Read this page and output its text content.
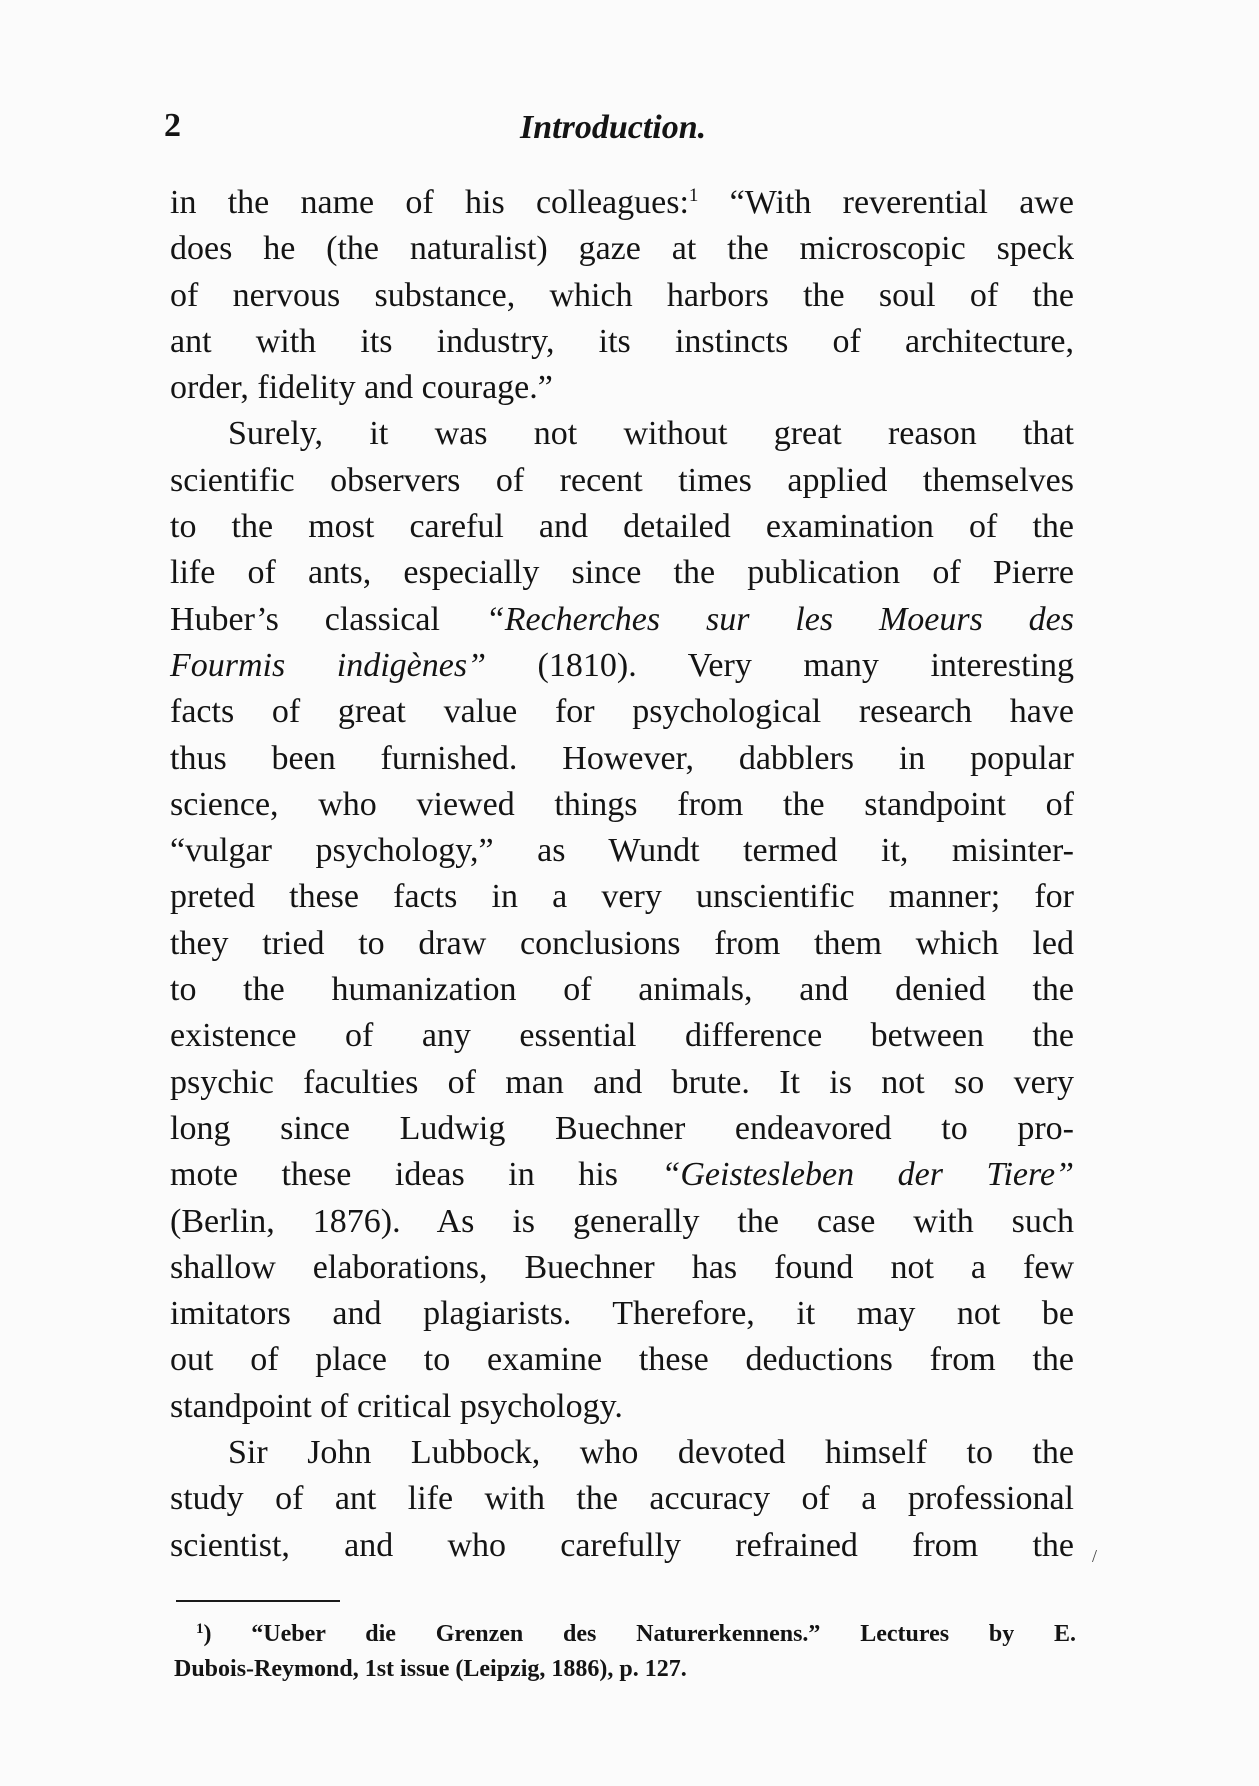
2	Introduction.
in the name of his colleagues:$^1$ “With reverential awe
does he (the naturalist) gaze at the microscopic speck
of nervous substance, which harbors the soul of the
ant with its industry, its instincts of architecture,
order, fidelity and courage.”
Surely, it was not without great reason that
scientific observers of recent times applied themselves
to the most careful and detailed examination of the
life of ants, especially since the publication of Pierre
Huber’s classical “Recherches sur les Moeurs des
Fourmis indigènes” (1810). Very many interesting
facts of great value for psychological research have
thus been furnished. However, dabblers in popular
science, who viewed things from the standpoint of
“vulgar psychology,” as Wundt termed it, misinter-
preted these facts in a very unscientific manner; for
they tried to draw conclusions from them which led
to the humanization of animals, and denied the
existence of any essential difference between the
psychic faculties of man and brute. It is not so very
long since Ludwig Buechner endeavored to pro-
mote these ideas in his “Geistesleben der Tiere”
(Berlin, 1876). As is generally the case with such
shallow elaborations, Buechner has found not a few
imitators and plagiarists. Therefore, it may not be
out of place to examine these deductions from the
standpoint of critical psychology.
Sir John Lubbock, who devoted himself to the
study of ant life with the accuracy of a professional
scientist, and who carefully refrained from the /
$^1$) “Ueber die Grenzen des Naturerkennens.” Lectures by E.
Dubois-Reymond, 1st issue (Leipzig, 1886), p. 127.
